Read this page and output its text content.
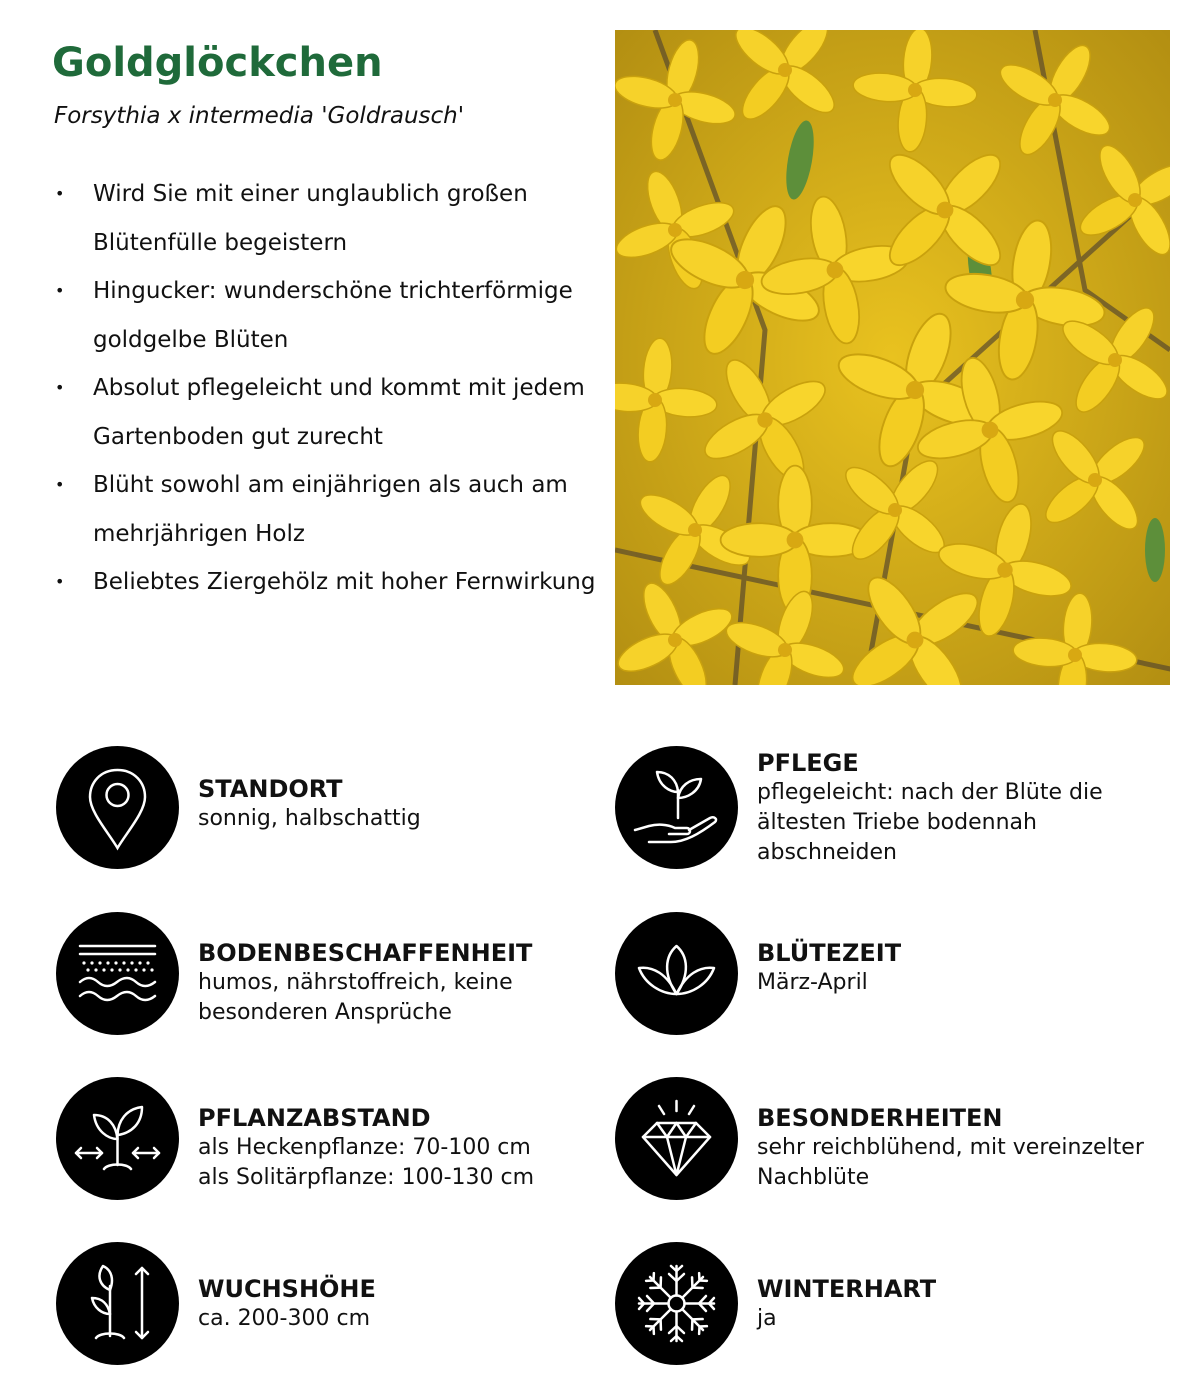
Goldglöckchen

Forsythia x intermedia 'Goldrausch'

• Wird Sie mit einer unglaublich großen Blütenfülle begeistern
• Hingucker: wunderschöne trichterförmige goldgelbe Blüten
• Absolut pflegeleicht und kommt mit jedem Gartenboden gut zurecht
• Blüht sowohl am einjährigen als auch am mehrjährigen Holz
• Beliebtes Ziergehölz mit hoher Fernwirkung
STANDORT
sonnig, halbschattig
PFLEGE
pflegeleicht: nach der Blüte die ältesten Triebe bodennah abschneiden
BODENBESCHAFFENHEIT
humos, nährstoffreich, keine besonderen Ansprüche
BLÜTEZEIT
März-April
PFLANZABSTAND
als Heckenpflanze: 70-100 cm
als Solitärpflanze: 100-130 cm
BESONDERHEITEN
sehr reichblühend, mit vereinzelter Nachblüte
WUCHSHÖHE
ca. 200-300 cm
WINTERHART
ja
